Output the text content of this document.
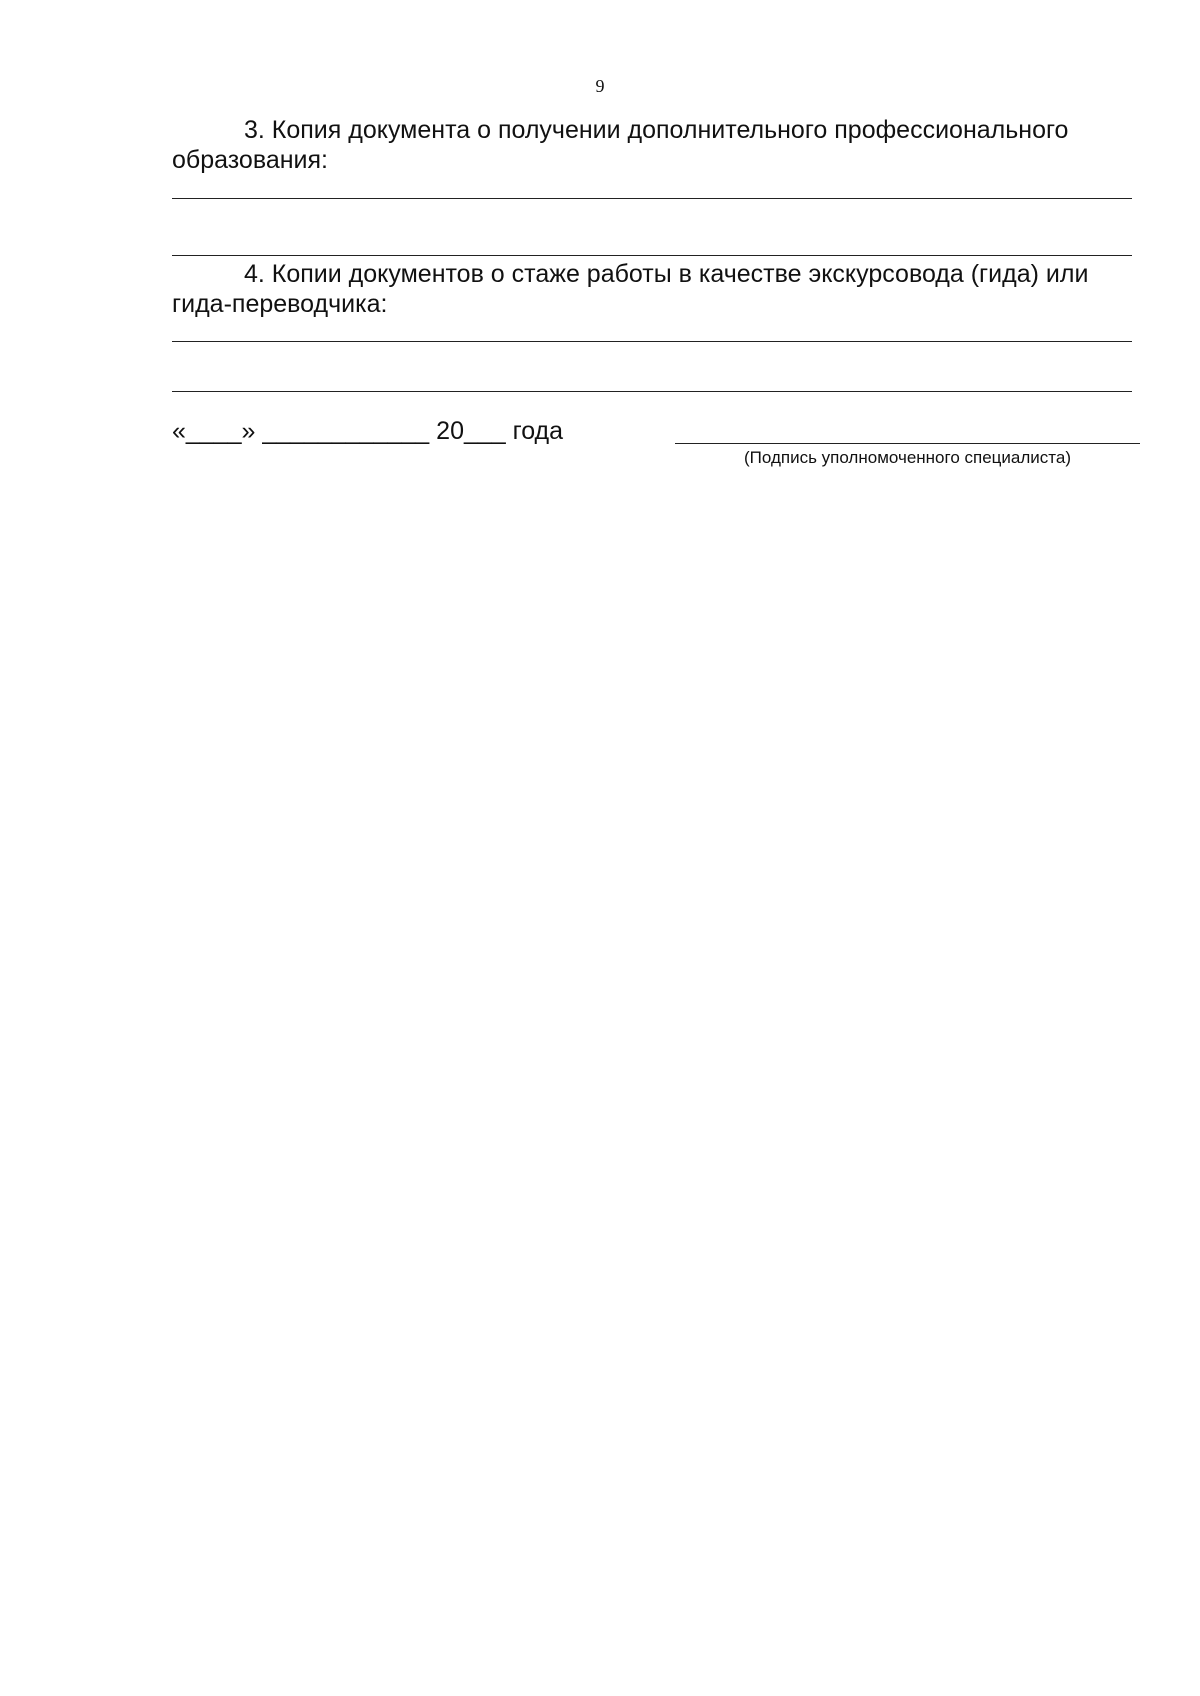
9

3. Копия документа о получении дополнительного профессионального образования:

4. Копии документов о стаже работы в качестве экскурсовода (гида) или гида-переводчика:

«____» ____________ 20___ года
(Подпись уполномоченного специалиста)
